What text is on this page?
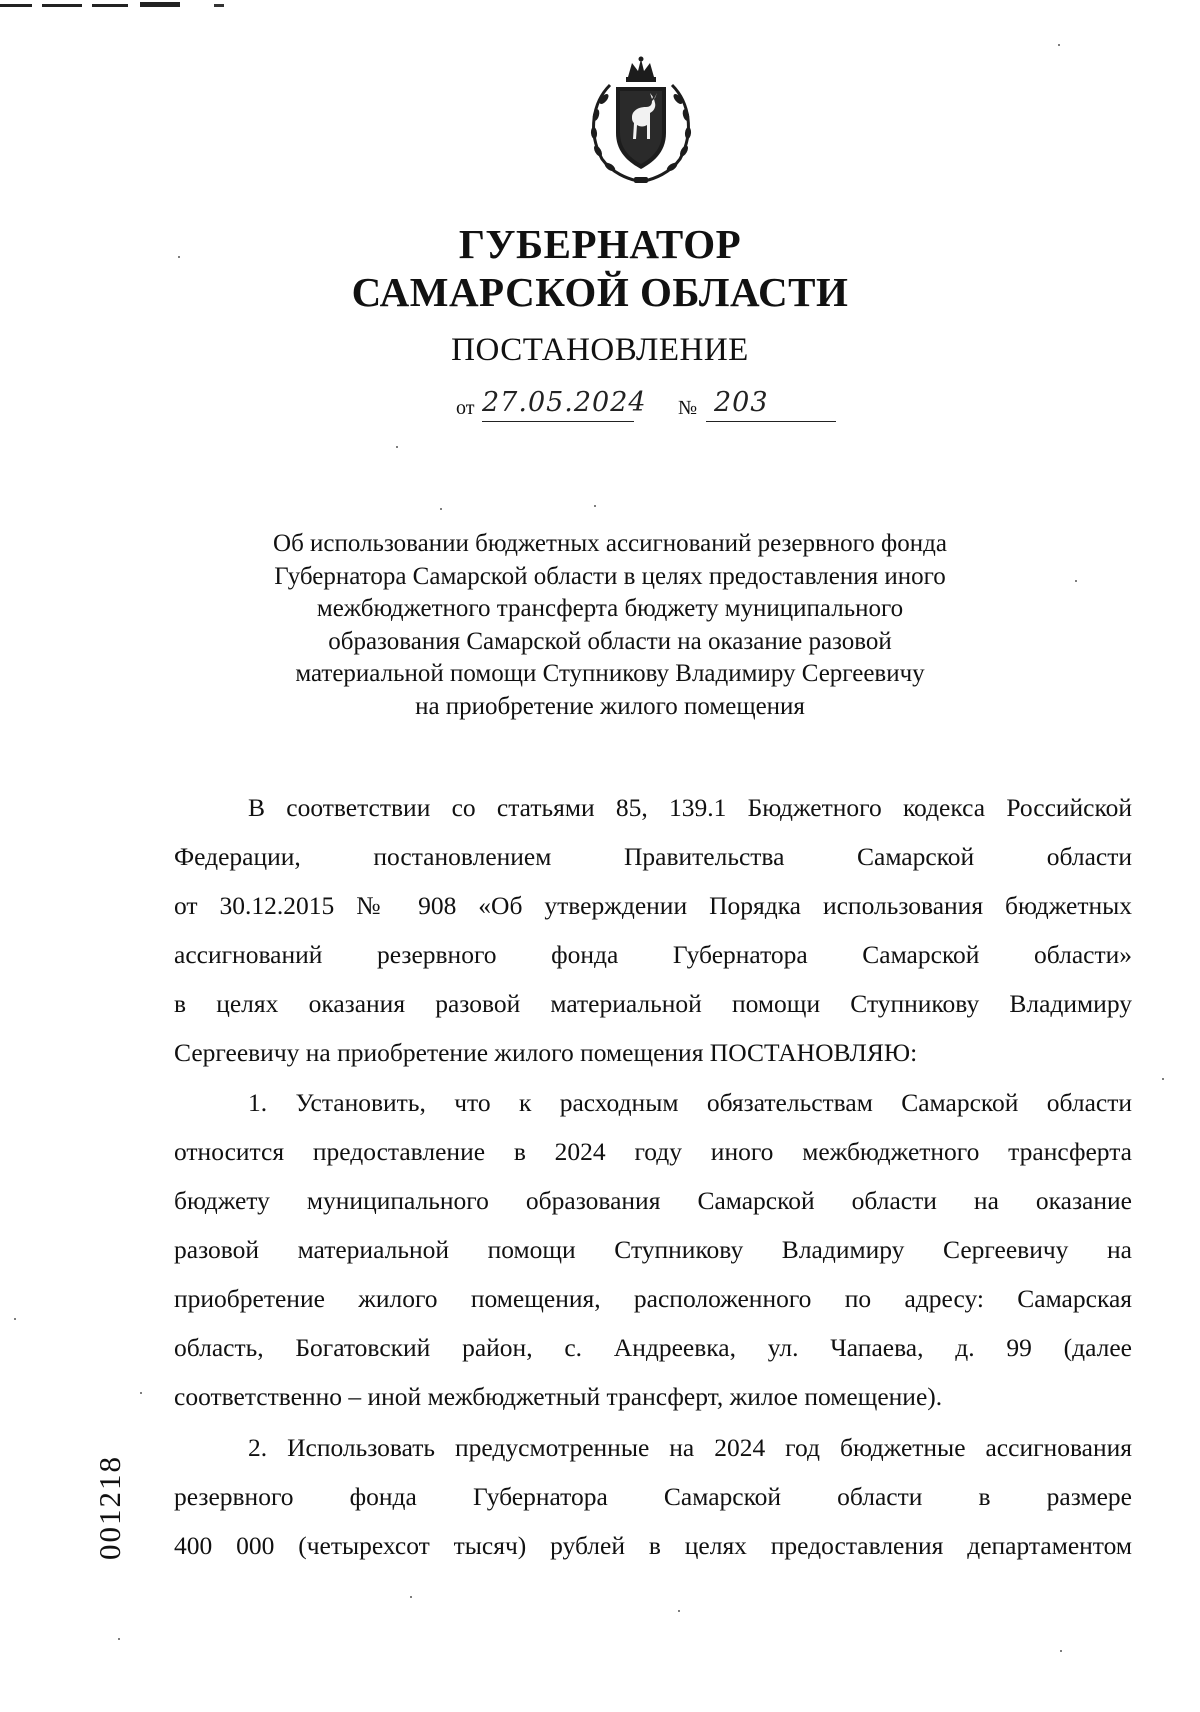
ГУБЕРНАТОР
САМАРСКОЙ ОБЛАСТИ
ПОСТАНОВЛЕНИЕ
от 27.05.2024 № 203
Об использовании бюджетных ассигнований резервного фонда
Губернатора Самарской области в целях предоставления иного
межбюджетного трансферта бюджету муниципального
образования Самарской области на оказание разовой
материальной помощи Ступникову Владимиру Сергеевичу
на приобретение жилого помещения
В соответствии со статьями 85, 139.1 Бюджетного кодекса Российской
Федерации, постановлением Правительства Самарской области
от 30.12.2015 № 908 «Об утверждении Порядка использования бюджетных
ассигнований резервного фонда Губернатора Самарской области»
в целях оказания разовой материальной помощи Ступникову Владимиру
Сергеевичу на приобретение жилого помещения ПОСТАНОВЛЯЮ:
1. Установить, что к расходным обязательствам Самарской области
относится предоставление в 2024 году иного межбюджетного трансферта
бюджету муниципального образования Самарской области на оказание
разовой материальной помощи Ступникову Владимиру Сергеевичу на
приобретение жилого помещения, расположенного по адресу: Самарская
область, Богатовский район, с. Андреевка, ул. Чапаева, д. 99 (далее
соответственно – иной межбюджетный трансферт, жилое помещение).
2. Использовать предусмотренные на 2024 год бюджетные ассигнования
резервного фонда Губернатора Самарской области в размере
400 000 (четырехсот тысяч) рублей в целях предоставления департаментом
001218
